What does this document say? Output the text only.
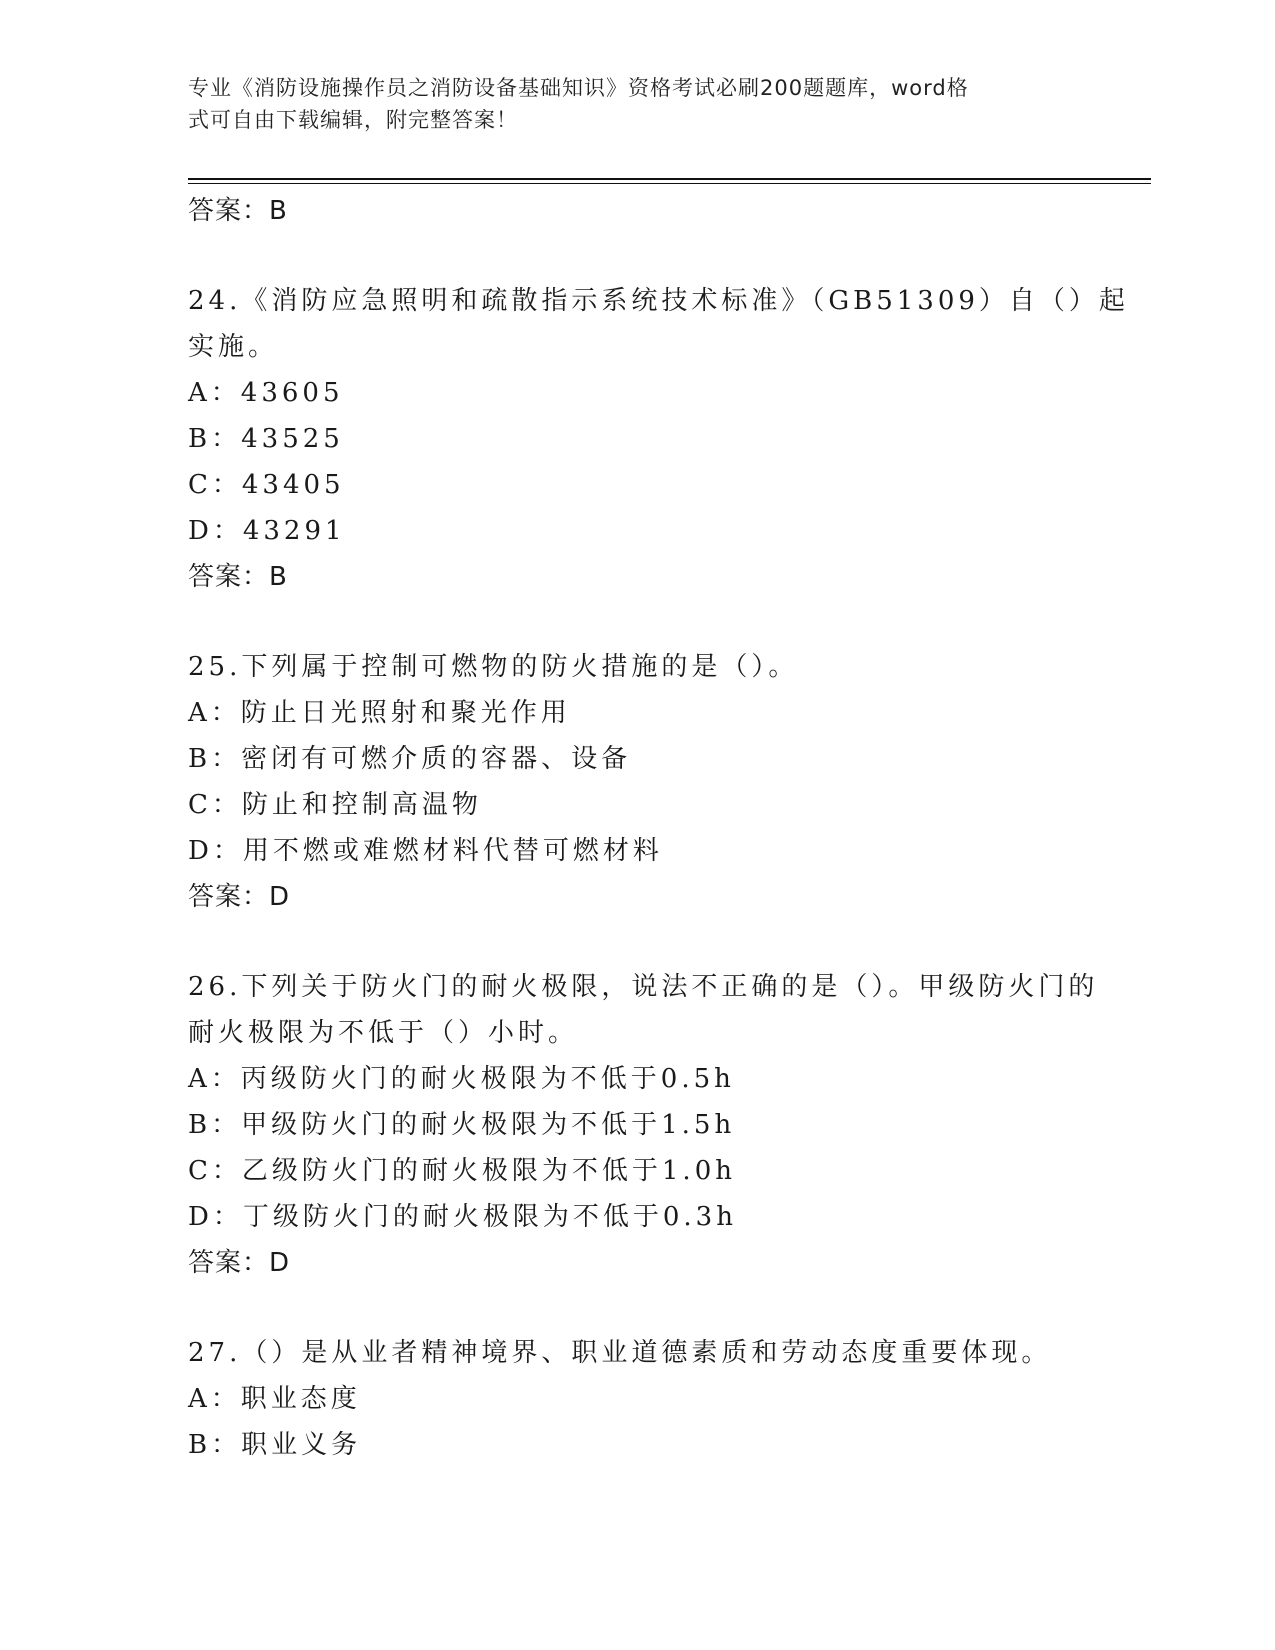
专业《消防设施操作员之消防设备基础知识》资格考试必刷200题题库，word格
式可自由下载编辑，附完整答案！
答案：B
24.《消防应急照明和疏散指示系统技术标准》（GB51309）自（）起
实施。
A：43605
B：43525
C：43405
D：43291
答案：B
25.下列属于控制可燃物的防火措施的是（）。
A：防止日光照射和聚光作用
B：密闭有可燃介质的容器、设备
C：防止和控制高温物
D：用不燃或难燃材料代替可燃材料
答案：D
26.下列关于防火门的耐火极限，说法不正确的是（）。甲级防火门的
耐火极限为不低于（）小时。
A：丙级防火门的耐火极限为不低于0.5h
B：甲级防火门的耐火极限为不低于1.5h
C：乙级防火门的耐火极限为不低于1.0h
D：丁级防火门的耐火极限为不低于0.3h
答案：D
27.（）是从业者精神境界、职业道德素质和劳动态度重要体现。
A：职业态度
B：职业义务
